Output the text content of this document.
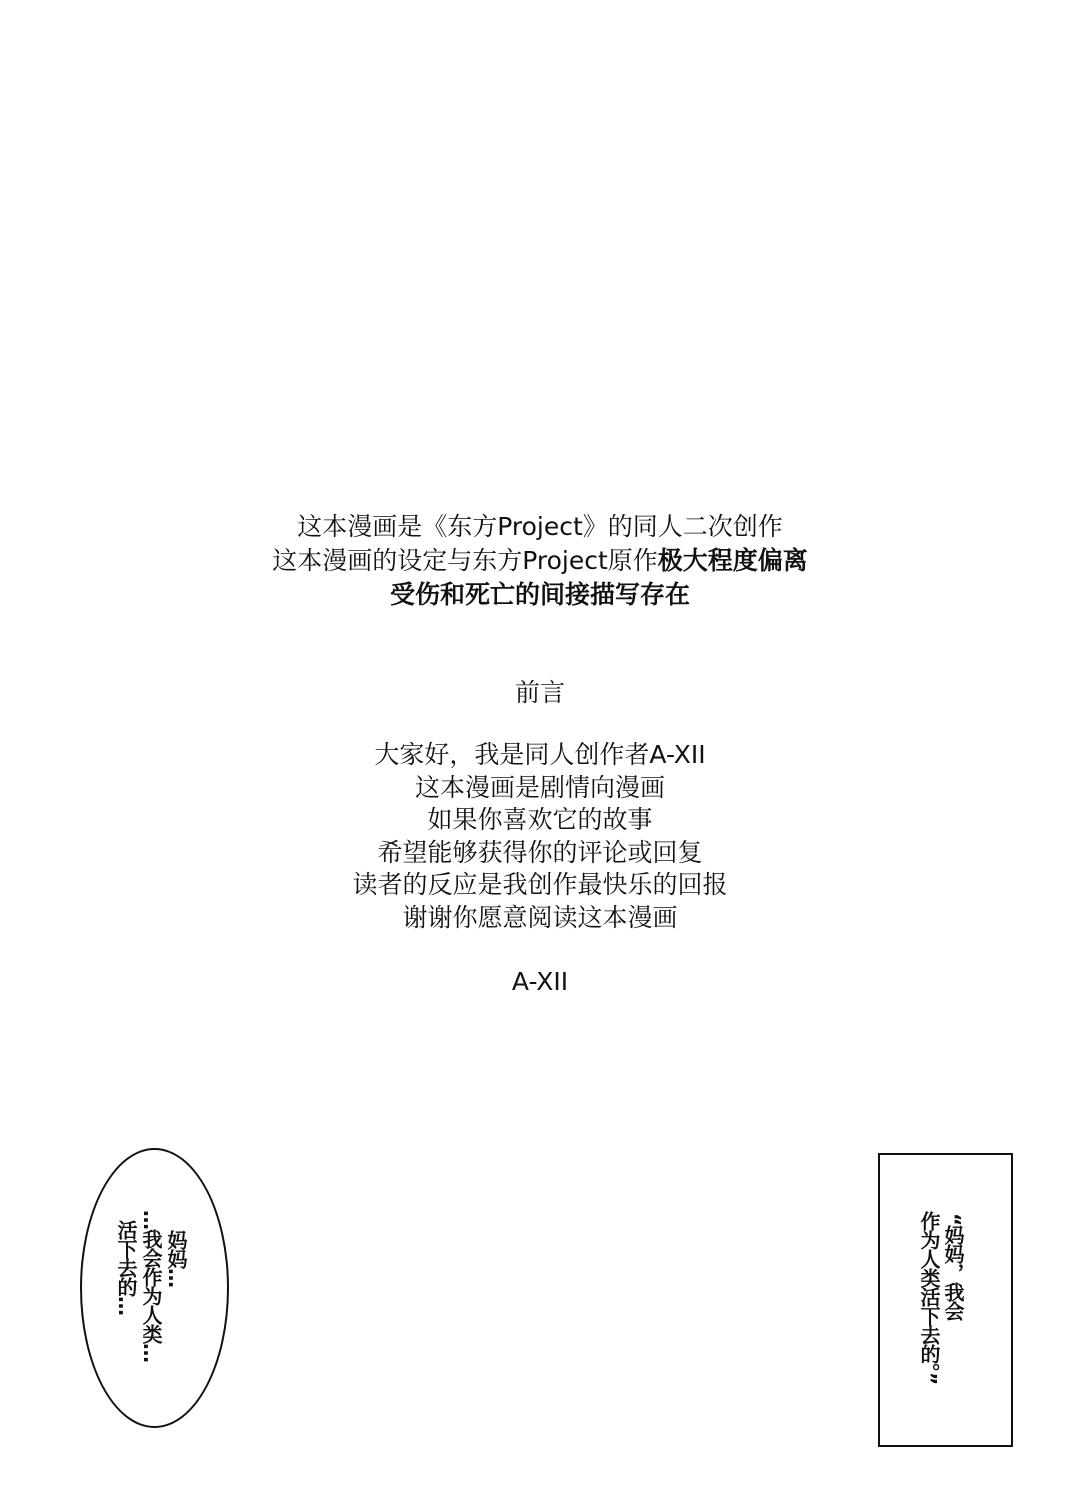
这本漫画是《东方Project》的同人二次创作
这本漫画的设定与东方Project原作极大程度偏离
受伤和死亡的间接描写存在
前言
大家好，我是同人创作者A-XII
这本漫画是剧情向漫画
如果你喜欢它的故事
希望能够获得你的评论或回复
读者的反应是我创作最快乐的回报
谢谢你愿意阅读这本漫画
A-XII
妈妈…
…我会作为人类…
活下去的…	“妈妈，我会
作为人类活下去的。”
